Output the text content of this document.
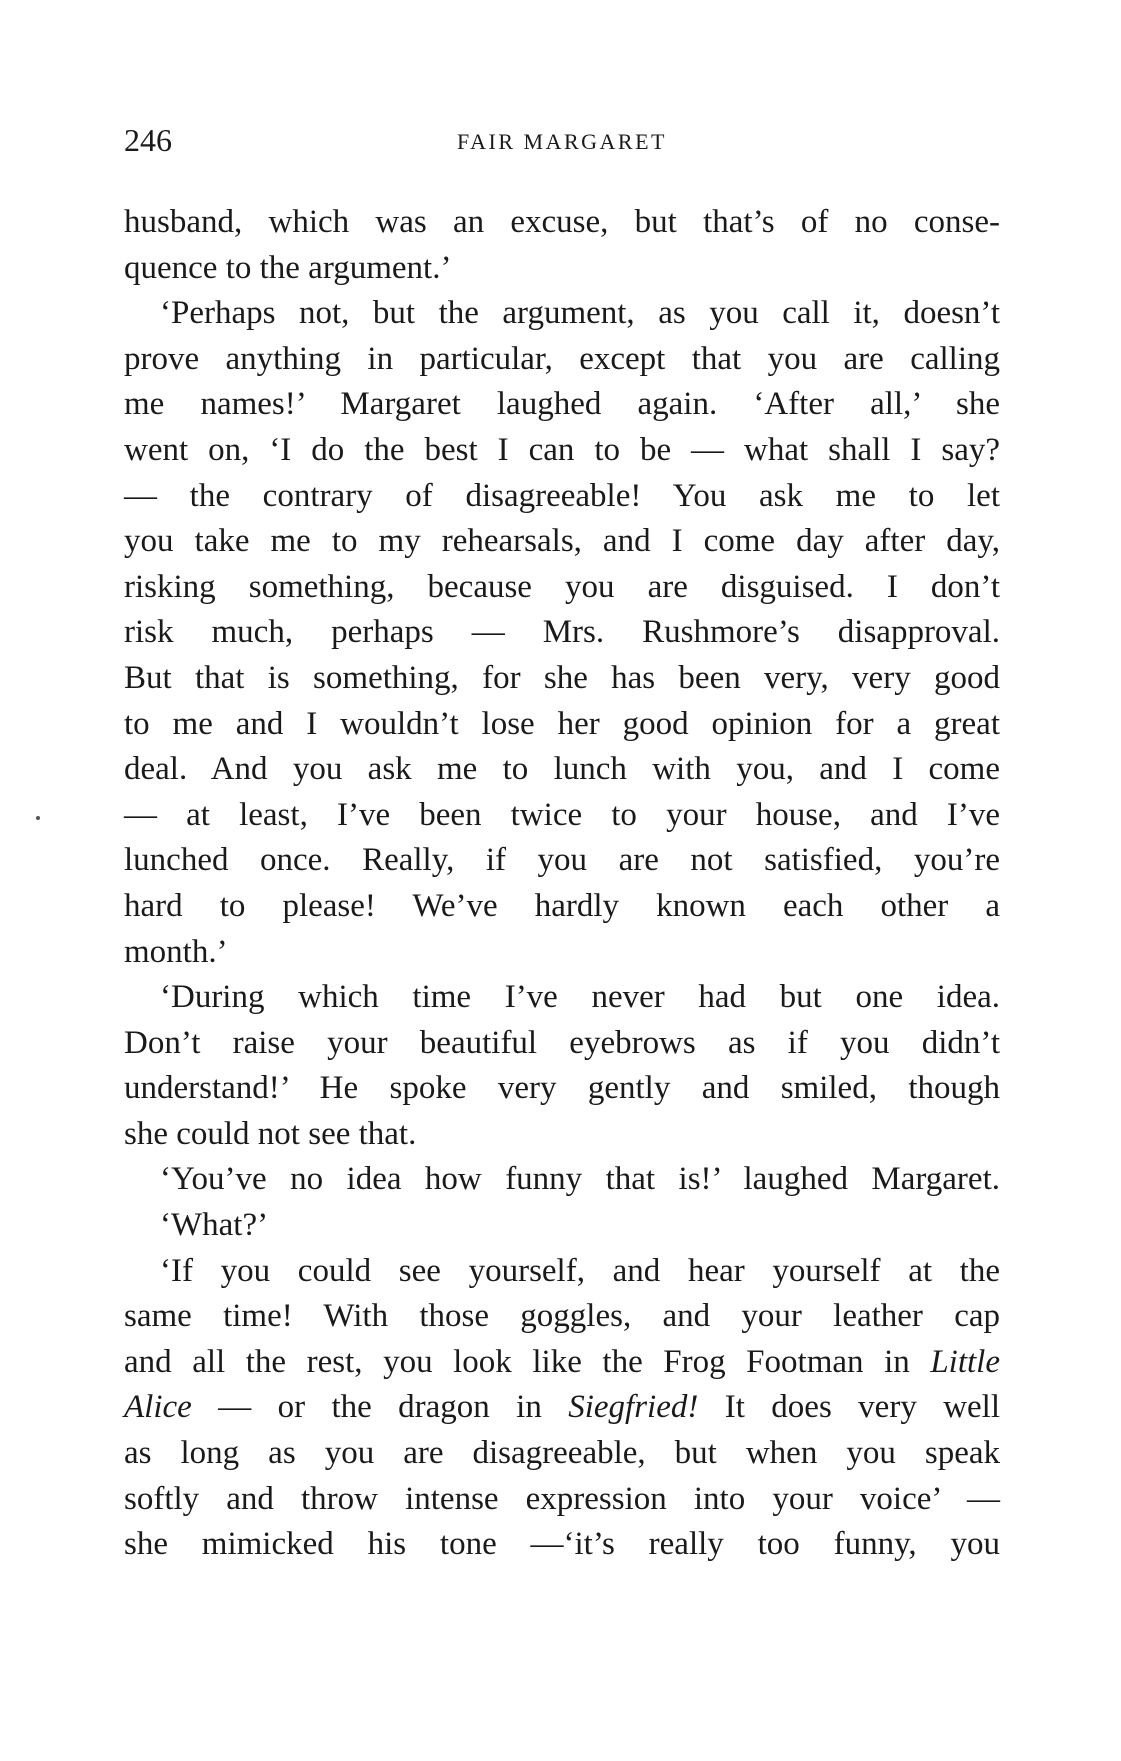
246	FAIR MARGARET
husband, which was an excuse, but that’s of no conse-
quence to the argument.’
‘Perhaps not, but the argument, as you call it, doesn’t
prove anything in particular, except that you are calling
me names!’ Margaret laughed again. ‘After all,’ she
went on, ‘I do the best I can to be — what shall I say?
— the contrary of disagreeable! You ask me to let
you take me to my rehearsals, and I come day after day,
risking something, because you are disguised. I don’t
risk much, perhaps — Mrs. Rushmore’s disapproval.
But that is something, for she has been very, very good
to me and I wouldn’t lose her good opinion for a great
deal. And you ask me to lunch with you, and I come
— at least, I’ve been twice to your house, and I’ve
lunched once. Really, if you are not satisfied, you’re
hard to please! We’ve hardly known each other a
month.’
‘During which time I’ve never had but one idea.
Don’t raise your beautiful eyebrows as if you didn’t
understand!’ He spoke very gently and smiled, though
she could not see that.
‘You’ve no idea how funny that is!’ laughed Margaret.
‘What?’
‘If you could see yourself, and hear yourself at the
same time! With those goggles, and your leather cap
and all the rest, you look like the Frog Footman in Little
Alice — or the dragon in Siegfried! It does very well
as long as you are disagreeable, but when you speak
softly and throw intense expression into your voice’ —
she mimicked his tone —‘it’s really too funny, you
